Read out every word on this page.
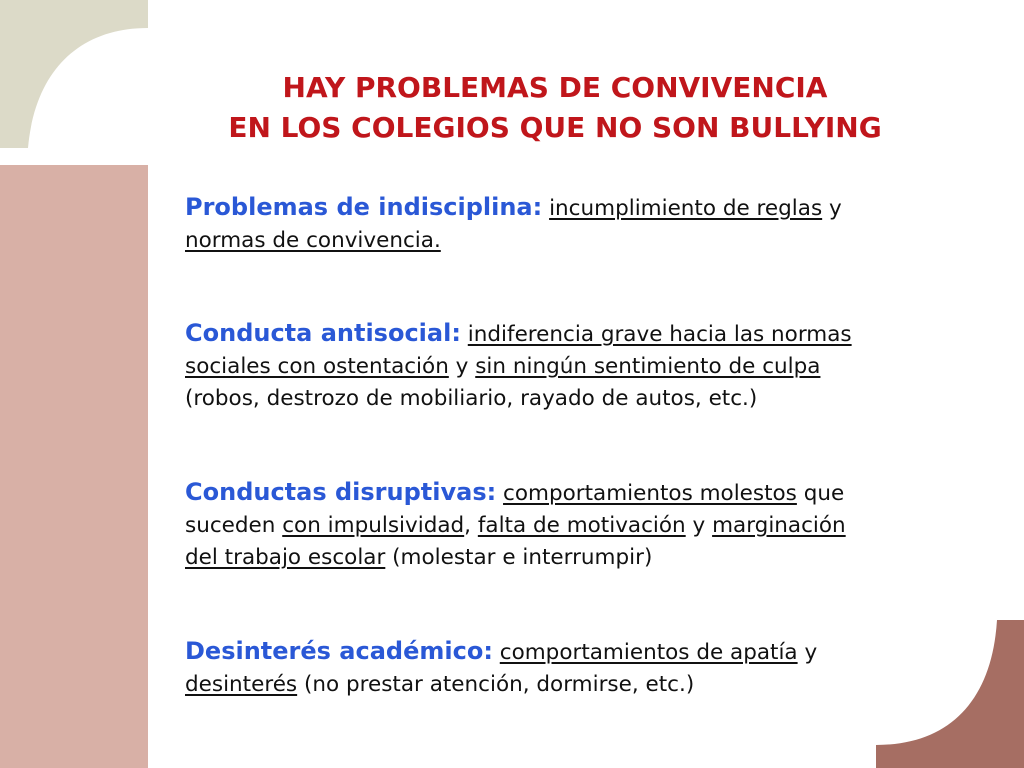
HAY PROBLEMAS DE CONVIVENCIA
EN LOS COLEGIOS QUE NO SON BULLYING
Problemas de indisciplina: incumplimiento de reglas y
normas de convivencia.
Conducta antisocial: indiferencia grave hacia las normas
sociales con ostentación y sin ningún sentimiento de culpa
(robos, destrozo de mobiliario, rayado de autos, etc.)
Conductas disruptivas: comportamientos molestos que
suceden con impulsividad, falta de motivación y marginación
del trabajo escolar (molestar e interrumpir)
Desinterés académico: comportamientos de apatía y
desinterés (no prestar atención, dormirse, etc.)
